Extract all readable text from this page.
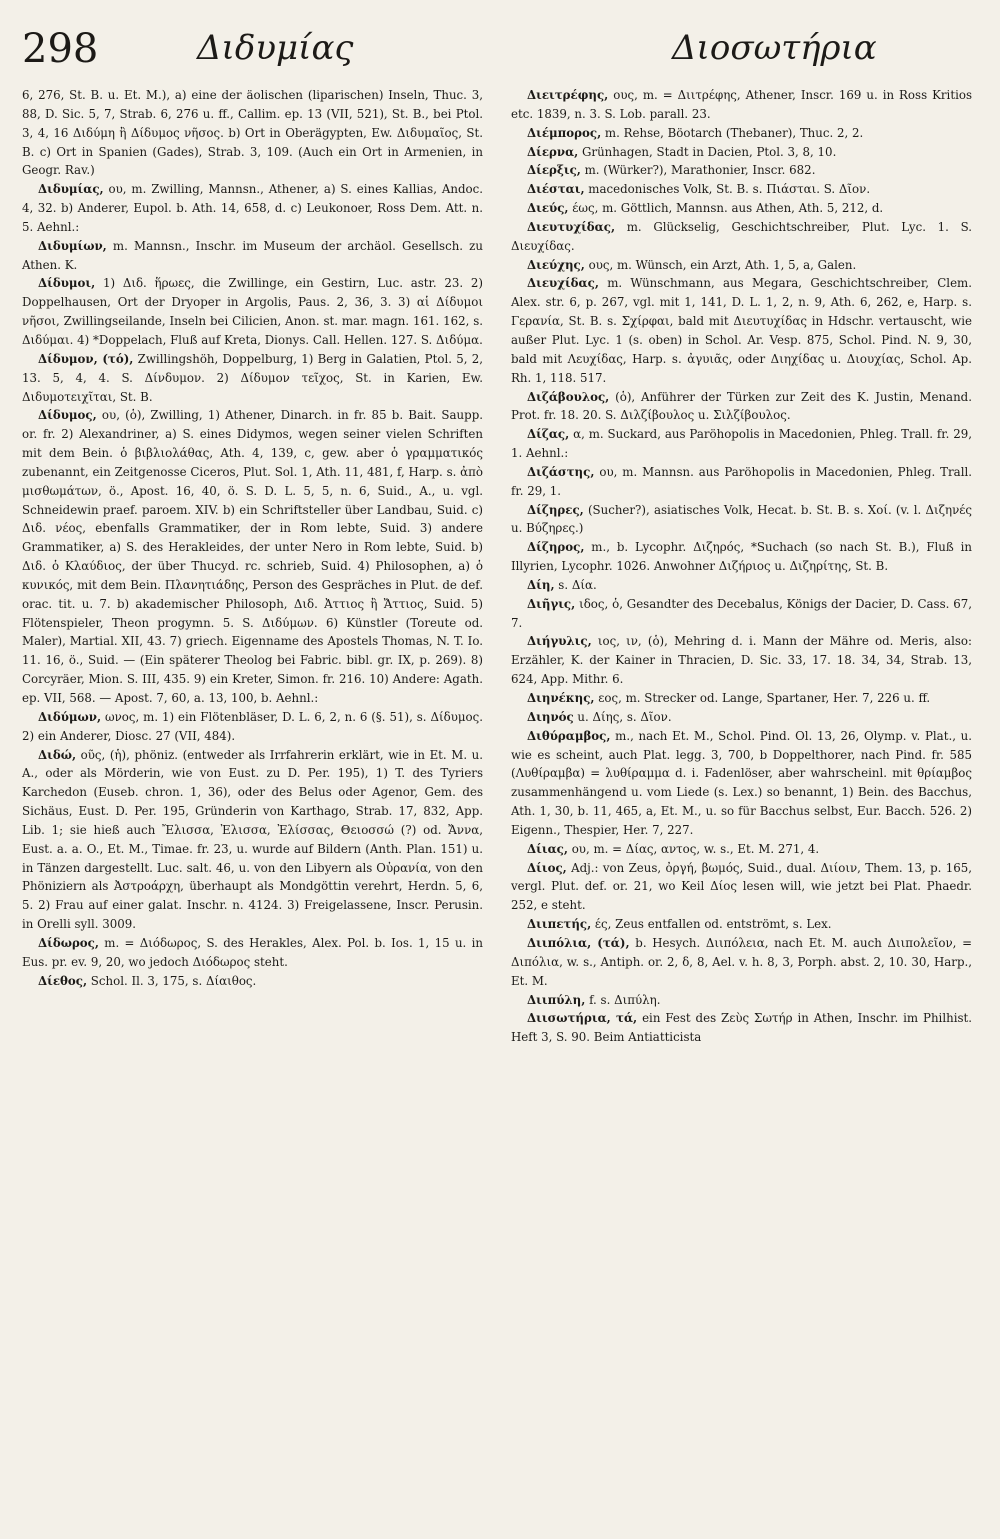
298	Διδυμίας	Διοσωτήρια

6, 276, St. B. u. Et. M.), a) eine der äolischen (liparischen) Inseln, Thuc. 3, 88, D. Sic. 5, 7, Strab. 6, 276 u. ff., Callim. ep. 13 (VII, 521), St. B., bei Ptol. 3, 4, 16 Διδύμη ἢ Δίδυμος νῆσος. b) Ort in Oberägypten, Ew. Διδυμαῖος, St. B. c) Ort in Spanien (Gades), Strab. 3, 109. (Auch ein Ort in Armenien, in Geogr. Rav.)

Διδυμίας, ου, m. Zwilling, Mannsn., Athener, a) S. eines Kallias, Andoc. 4, 32. b) Anderer, Eupol. b. Ath. 14, 658, d. c) Leukonoer, Ross Dem. Att. n. 5. Aehnl.:

Διδυμίων, m. Mannsn., Inschr. im Museum der archäol. Gesellsch. zu Athen. K.

Δίδυμοι, 1) Διδ. ἥρωες, die Zwillinge, ein Gestirn, Luc. astr. 23. 2) Doppelhausen, Ort der Dryoper in Argolis, Paus. 2, 36, 3. 3) αἱ Δίδυμοι νῆσοι, Zwillingseilande, Inseln bei Cilicien, Anon. st. mar. magn. 161. 162, s. Διδύμαι. 4) *Doppelach, Fluß auf Kreta, Dionys. Call. Hellen. 127. S. Διδύμα.

Δίδυμον, (τό), Zwillingshöh, Doppelburg, 1) Berg in Galatien, Ptol. 5, 2, 13. 5, 4, 4. S. Δίνδυμον. 2) Δίδυμον τεῖχος, St. in Karien, Ew. Διδυμοτειχῖται, St. B.

Δίδυμος, ου, (ὁ), Zwilling, 1) Athener, Dinarch. in fr. 85 b. Bait. Saupp. or. fr. 2) Alexandriner, a) S. eines Didymos, wegen seiner vielen Schriften mit dem Bein. ὁ βιβλιολάθας, Ath. 4, 139, c, gew. aber ὁ γραμματικός zubenannt, ein Zeitgenosse Ciceros, Plut. Sol. 1, Ath. 11, 481, f, Harp. s. ἀπὸ μισθωμάτων, ö., Apost. 16, 40, ö. S. D. L. 5, 5, n. 6, Suid., A., u. vgl. Schneidewin praef. paroem. XIV. b) ein Schriftsteller über Landbau, Suid. c) Διδ. νέος, ebenfalls Grammatiker, der in Rom lebte, Suid. 3) andere Grammatiker, a) S. des Herakleides, der unter Nero in Rom lebte, Suid. b) Διδ. ὁ Κλαύδιος, der über Thucyd. rc. schrieb, Suid. 4) Philosophen, a) ὁ κυνικός, mit dem Bein. Πλανητιάδης, Person des Gespräches in Plut. de def. orac. tit. u. 7. b) akademischer Philosoph, Διδ. Ἀττιος ἢ Ἄττιος, Suid. 5) Flötenspieler, Theon progymn. 5. S. Διδύμων. 6) Künstler (Toreute od. Maler), Martial. XII, 43. 7) griech. Eigenname des Apostels Thomas, N. T. Io. 11. 16, ö., Suid. — (Ein späterer Theolog bei Fabric. bibl. gr. IX, p. 269). 8) Corcyräer, Mion. S. III, 435. 9) ein Kreter, Simon. fr. 216. 10) Andere: Agath. ep. VII, 568. — Apost. 7, 60, a. 13, 100, b. Aehnl.:

Διδύμων, ωνος, m. 1) ein Flötenbläser, D. L. 6, 2, n. 6 (§. 51), s. Δίδυμος. 2) ein Anderer, Diosc. 27 (VII, 484).

Διδώ, οῦς, (ἡ), phöniz. (entweder als Irrfahrerin erklärt, wie in Et. M. u. A., oder als Mörderin, wie von Eust. zu D. Per. 195), 1) T. des Tyriers Karchedon (Euseb. chron. 1, 36), oder des Belus oder Agenor, Gem. des Sichäus, Eust. D. Per. 195, Gründerin von Karthago, Strab. 17, 832, App. Lib. 1; sie hieß auch Ἔλισσα, Ἐλισσα, Ἐλίσσας, Θειοσσώ (?) od. Ἄννα, Eust. a. a. O., Et. M., Timae. fr. 23, u. wurde auf Bildern (Anth. Plan. 151) u. in Tänzen dargestellt. Luc. salt. 46, u. von den Libyern als Οὐρανία, von den Phöniziern als Ἀστροάρχη, überhaupt als Mondgöttin verehrt, Herdn. 5, 6, 5. 2) Frau auf einer galat. Inschr. n. 4124. 3) Freigelassene, Inscr. Perusin. in Orelli syll. 3009.

Δίδωρος, m. = Διόδωρος, S. des Herakles, Alex. Pol. b. Ios. 1, 15 u. in Eus. pr. ev. 9, 20, wo jedoch Διόδωρος steht.

Δίεθος, Schol. Il. 3, 175, s. Δίαιθος.

Διειτρέφης, ους, m. = Διιτρέφης, Athener, Inscr. 169 u. in Ross Kritios etc. 1839, n. 3. S. Lob. parall. 23.

Διέμπορος, m. Rehse, Böotarch (Thebaner), Thuc. 2, 2.

Δίερνα, Grünhagen, Stadt in Dacien, Ptol. 3, 8, 10.

Δίερξις, m. (Würker?), Marathonier, Inscr. 682.

Διέσται, macedonisches Volk, St. B. s. Πιάσται. S. Δῖον.

Διεύς, έως, m. Göttlich, Mannsn. aus Athen, Ath. 5, 212, d.

Διευτυχίδας, m. Glückselig, Geschichtschreiber, Plut. Lyc. 1. S. Διευχίδας.

Διεύχης, ους, m. Wünsch, ein Arzt, Ath. 1, 5, a, Galen.

Διευχίδας, m. Wünschmann, aus Megara, Geschichtschreiber, Clem. Alex. str. 6, p. 267, vgl. mit 1, 141, D. L. 1, 2, n. 9, Ath. 6, 262, e, Harp. s. Γερανία, St. B. s. Σχίρφαι, bald mit Διευτυχίδας in Hdschr. vertauscht, wie außer Plut. Lyc. 1 (s. oben) in Schol. Ar. Vesp. 875, Schol. Pind. N. 9, 30, bald mit Λευχίδας, Harp. s. ἀγυιᾶς, oder Διηχίδας u. Διουχίας, Schol. Ap. Rh. 1, 118. 517.

Διζάβουλος, (ὁ), Anführer der Türken zur Zeit des K. Justin, Menand. Prot. fr. 18. 20. S. Διλζίβουλος u. Σιλζίβουλος.

Δίζας, α, m. Suckard, aus Paröhopolis in Macedonien, Phleg. Trall. fr. 29, 1. Aehnl.:

Διζάστης, ου, m. Mannsn. aus Paröhopolis in Macedonien, Phleg. Trall. fr. 29, 1.

Δίζηρες, (Sucher?), asiatisches Volk, Hecat. b. St. B. s. Χοί. (v. l. Διζηνές u. Βύζηρες.)

Δίζηρος, m., b. Lycophr. Διζηρός, *Suchach (so nach St. B.), Fluß in Illyrien, Lycophr. 1026. Anwohner Διζήριος u. Διζηρίτης, St. B.

Δίη, s. Δία.

Διῆγις, ιδος, ὁ, Gesandter des Decebalus, Königs der Dacier, D. Cass. 67, 7.

Διήγυλις, ιος, ιν, (ὁ), Mehring d. i. Mann der Mähre od. Meris, also: Erzähler, K. der Kainer in Thracien, D. Sic. 33, 17. 18. 34, 34, Strab. 13, 624, App. Mithr. 6.

Διηνέκης, εος, m. Strecker od. Lange, Spartaner, Her. 7, 226 u. ff.

Διηνός u. Δίης, s. Δῖον.

Διθύραμβος, m., nach Et. M., Schol. Pind. Ol. 13, 26, Olymp. v. Plat., u. wie es scheint, auch Plat. legg. 3, 700, b Doppelthorer, nach Pind. fr. 585 (Λυθίραμβα) = λυθίραμμα d. i. Fadenlöser, aber wahrscheinl. mit θρίαμβος zusammenhängend u. vom Liede (s. Lex.) so benannt, 1) Bein. des Bacchus, Ath. 1, 30, b. 11, 465, a, Et. M., u. so für Bacchus selbst, Eur. Bacch. 526. 2) Eigenn., Thespier, Her. 7, 227.

Δίιας, ου, m. = Δίας, αντος, w. s., Et. M. 271, 4.

Δίιος, Adj.: von Zeus, ὀργή, βωμός, Suid., dual. Διίοιν, Them. 13, p. 165, vergl. Plut. def. or. 21, wo Keil Δίος lesen will, wie jetzt bei Plat. Phaedr. 252, e steht.

Διιπετής, ές, Zeus entfallen od. entströmt, s. Lex.

Διιπόλια, (τά), b. Hesych. Διιπόλεια, nach Et. M. auch Διιπολεῖον, = Διπόλια, w. s., Antiph. or. 2, δ, 8, Ael. v. h. 8, 3, Porph. abst. 2, 10. 30, Harp., Et. M.

Διιπύλη, f. s. Διπύλη.

Διισωτήρια, τά, ein Fest des Ζεὺς Σωτήρ in Athen, Inschr. im Philhist. Heft 3, S. 90. Beim Antiatticista
